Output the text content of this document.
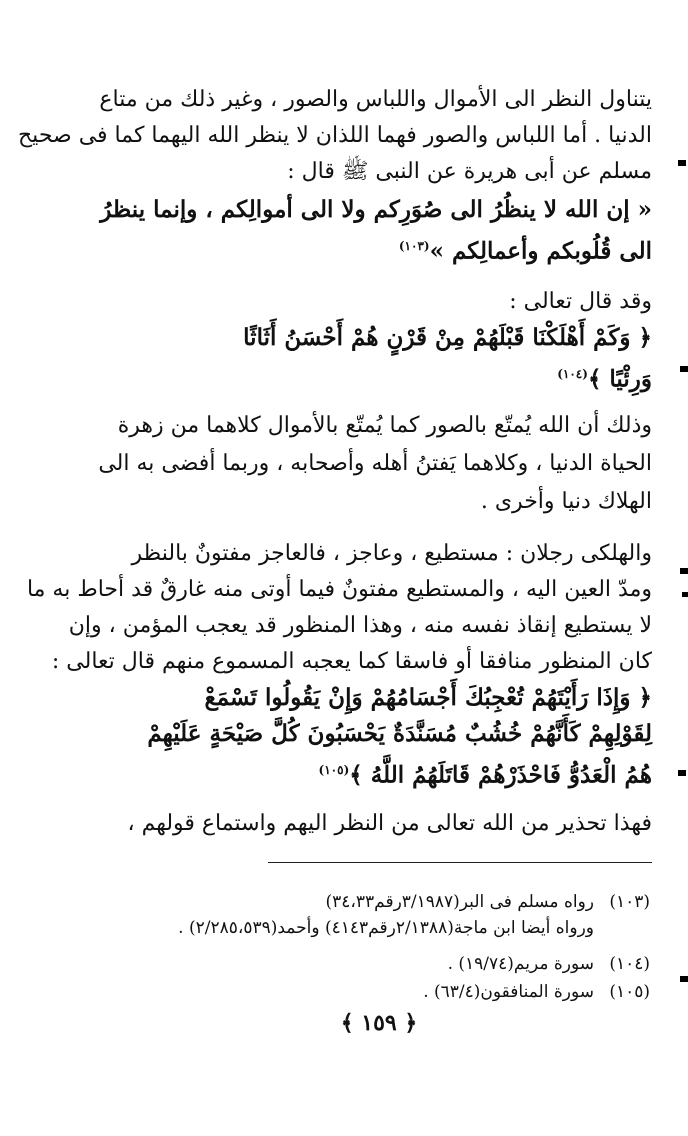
يتناول النظر الى الأموال واللباس والصور ، وغير ذلك من متاع
الدنيا . أما اللباس والصور فهما اللذان لا ينظر الله اليهما كما فى صحيح
مسلم عن أبى هريرة عن النبى ﷺ قال :
« إن الله لا ينظُرُ الى صُوَرِكم ولا الى أموالِكم ، وإنما ينظرُ
الى قُلُوبكم وأعمالِكم »$^{(١٠٣)}$
وقد قال تعالى :
﴿ وَكَمْ أَهْلَكْنَا قَبْلَهُمْ مِنْ قَرْنٍ هُمْ أَحْسَنُ أَثَاثًا
وَرِئْيًا ﴾$^{(١٠٤)}$
وذلك أن الله يُمتّع بالصور كما يُمتّع بالأموال كلاهما من زهرة
الحياة الدنيا ، وكلاهما يَفتنُ أهله وأصحابه ، وربما أفضى به الى
الهلاك دنيا وأخرى .
والهلكى رجلان : مستطيع ، وعاجز ، فالعاجز مفتونٌ بالنظر
ومدّ العين اليه ، والمستطيع مفتونٌ فيما أوتى منه غارقٌ قد أحاط به ما
لا يستطيع إنقاذ نفسه منه ، وهذا المنظور قد يعجب المؤمن ، وإن
كان المنظور منافقا أو فاسقا كما يعجبه المسموع منهم قال تعالى :
﴿ وَإِذَا رَأَيْتَهُمْ تُعْجِبُكَ أَجْسَامُهُمْ وَإِنْ يَقُولُوا تَسْمَعْ
لِقَوْلِهِمْ كَأَنَّهُمْ خُشُبٌ مُسَنَّدَةٌ يَحْسَبُونَ كُلَّ صَيْحَةٍ عَلَيْهِمْ
هُمُ الْعَدُوُّ فَاحْذَرْهُمْ قَاتَلَهُمُ اللَّهُ ﴾$^{(١٠٥)}$
فهذا تحذير من الله تعالى من النظر اليهم واستماع قولهم ،
(١٠٣)رواه مسلم فى البر(٣/١٩٨٧رقم٣٤،٣٣)
ورواه أيضا ابن ماجة(٢/١٣٨٨رقم٤١٤٣) وأحمد(٢/٢٨٥،٥٣٩) .
(١٠٤)سورة مريم(١٩/٧٤) .
(١٠٥)سورة المنافقون(٦٣/٤) .
﴿ ١٥٩ ﴾
